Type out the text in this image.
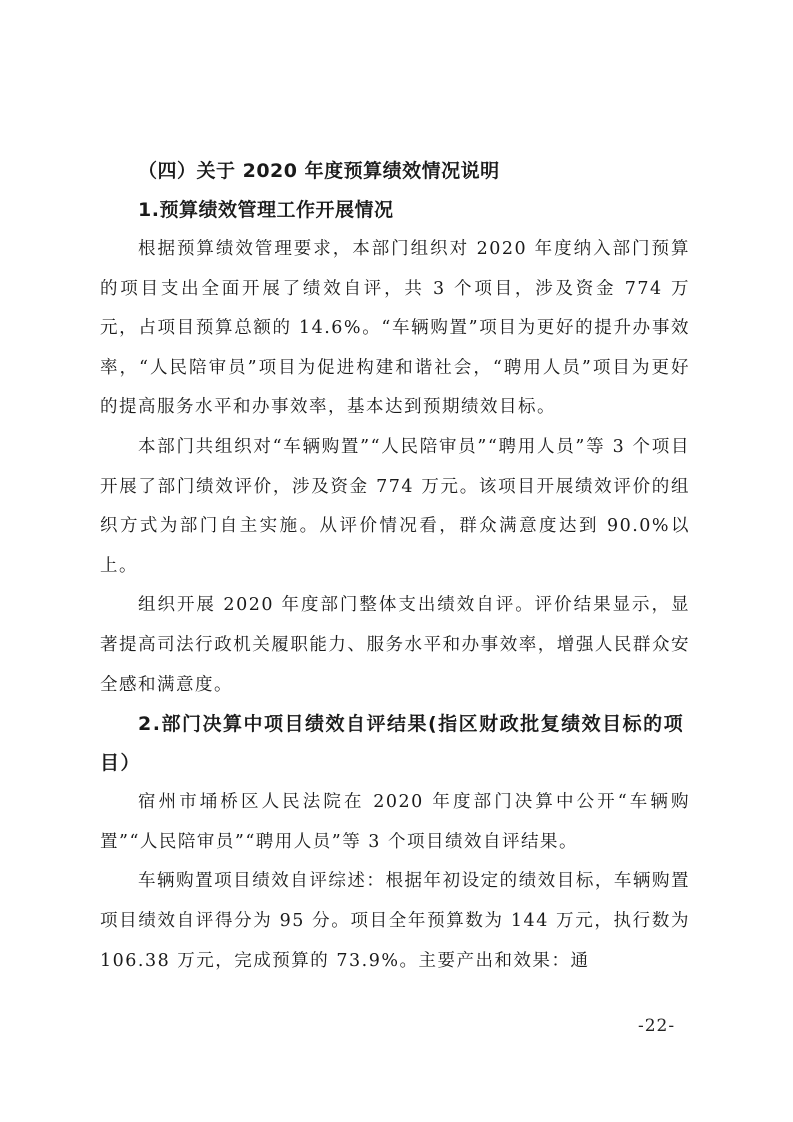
（四）关于 2020 年度预算绩效情况说明

1.预算绩效管理工作开展情况

根据预算绩效管理要求，本部门组织对 2020 年度纳入部门预算的项目支出全面开展了绩效自评，共 3 个项目，涉及资金 774 万元，占项目预算总额的 14.6%。“车辆购置”项目为更好的提升办事效率，“人民陪审员”项目为促进构建和谐社会，“聘用人员”项目为更好的提高服务水平和办事效率，基本达到预期绩效目标。

本部门共组织对“车辆购置”“人民陪审员”“聘用人员”等 3 个项目开展了部门绩效评价，涉及资金 774 万元。该项目开展绩效评价的组织方式为部门自主实施。从评价情况看，群众满意度达到 90.0%以上。

组织开展 2020 年度部门整体支出绩效自评。评价结果显示，显著提高司法行政机关履职能力、服务水平和办事效率，增强人民群众安全感和满意度。

2.部门决算中项目绩效自评结果(指区财政批复绩效目标的项目）

宿州市埇桥区人民法院在 2020 年度部门决算中公开“车辆购置”“人民陪审员”“聘用人员”等 3 个项目绩效自评结果。

车辆购置项目绩效自评综述：根据年初设定的绩效目标，车辆购置项目绩效自评得分为 95 分。项目全年预算数为 144 万元，执行数为 106.38 万元，完成预算的 73.9%。主要产出和效果：通

-22-
